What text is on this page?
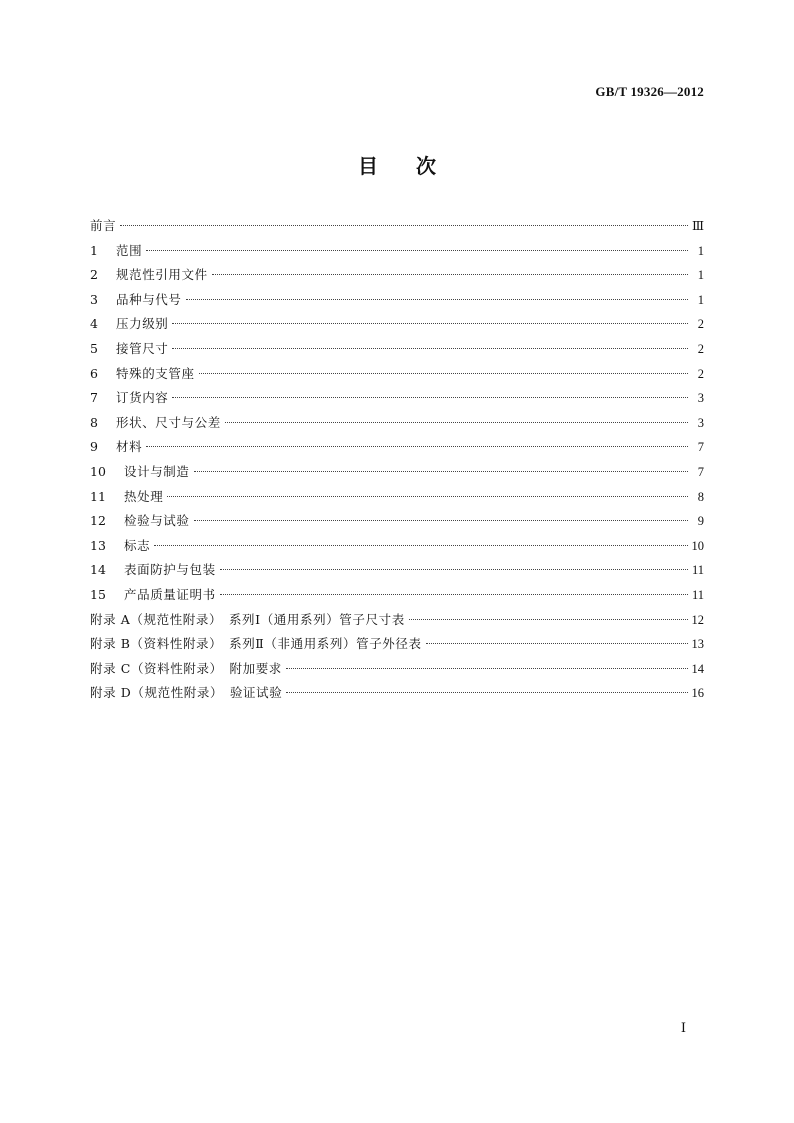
GB/T 19326—2012
目 次
前言	Ⅲ
1	范围	1
2	规范性引用文件	1
3	品种与代号	1
4	压力级别	2
5	接管尺寸	2
6	特殊的支管座	2
7	订货内容	3
8	形状、尺寸与公差	3
9	材料	7
10	设计与制造	7
11	热处理	8
12	检验与试验	9
13	标志	10
14	表面防护与包装	11
15	产品质量证明书	11
附录 A（规范性附录）　系列Ⅰ（通用系列）管子尺寸表	12
附录 B（资料性附录）　系列Ⅱ（非通用系列）管子外径表	13
附录 C（资料性附录）　附加要求	14
附录 D（规范性附录）　验证试验	16
Ⅰ
